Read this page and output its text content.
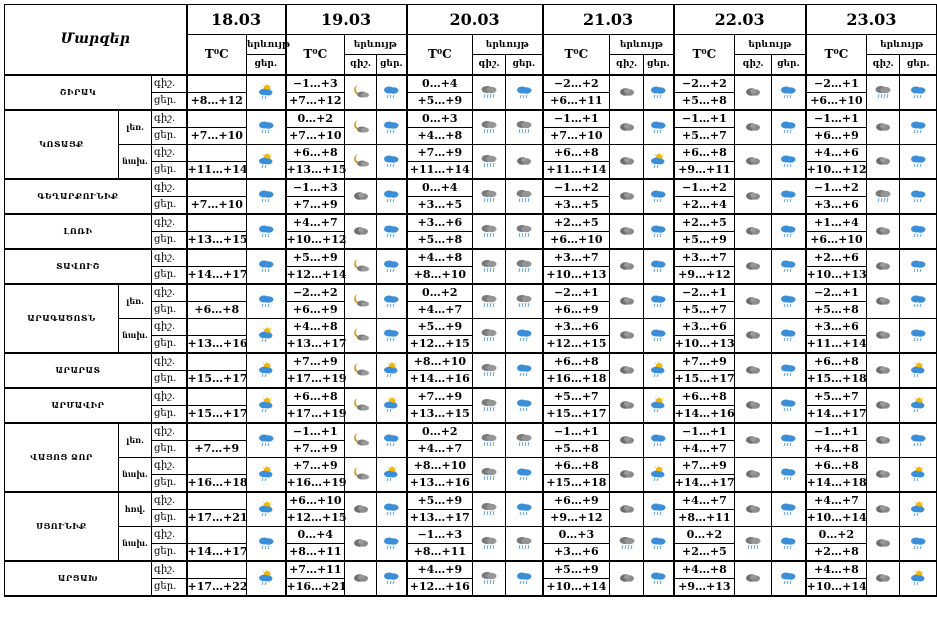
Մարզեր			18.03		19.03			20.03			21.03			22.03			23.03		
			T⁰C	երևույթ	T⁰C	երևույթ		T⁰C	երևույթ		T⁰C	երևույթ		T⁰C	երևույթ		T⁰C	երևույթ	
				ցեր.		գիշ.	ցեր.		գիշ.	ցեր.		գիշ.	ցեր.		գիշ.	ցեր.		գիշ.	ցեր.
ՇԻՐԱԿ		գիշ.			−1…+3			0…+4			−2…+2			−2…+2			−2…+1		
		ցեր.	+8…+12		+7…+12			+5…+9			+6…+11			+5…+8			+6…+10		
ԿՈՏԱՅՔ	լեռ.	գիշ.			0…+2			0…+3			−1…+1			−1…+1			−1…+1		
		ցեր.	+7…+10		+7…+10			+4…+8			+7…+10			+5…+7			+6…+9		
	նախ.	գիշ.			+6…+8			+7…+9			+6…+8			+6…+8			+4…+6		
		ցեր.	+11…+14		+13…+15			+11…+14			+11…+14			+9…+11			+10…+12		
ԳԵՂԱՐՔՈՒՆԻՔ		գիշ.			−1…+3			0…+4			−1…+2			−1…+2			−1…+2		
		ցեր.	+7…+10		+7…+9			+3…+5			+3…+5			+2…+4			+3…+6		
ԼՈՌԻ		գիշ.			+4…+7			+3…+6			+2…+5			+2…+5			+1…+4		
		ցեր.	+13…+15		+10…+12			+5…+8			+6…+10			+5…+9			+6…+10		
ՏԱՎՈՒՇ		գիշ.			+5…+9			+4…+8			+3…+7			+3…+7			+2…+6		
		ցեր.	+14…+17		+12…+14			+8…+10			+10…+13			+9…+12			+10…+13		
ԱՐԱԳԱԾՈՏՆ	լեռ.	գիշ.			−2…+2			0…+2			−2…+1			−2…+1			−2…+1		
		ցեր.	+6…+8		+6…+9			+4…+7			+6…+9			+5…+7			+5…+8		
	նախ.	գիշ.			+4…+8			+5…+9			+3…+6			+3…+6			+3…+6		
		ցեր.	+13…+16		+13…+17			+12…+15			+12…+15			+10…+13			+11…+14		
ԱՐԱՐԱՏ		գիշ.			+7…+9			+8…+10			+6…+8			+7…+9			+6…+8		
		ցեր.	+15…+17		+17…+19			+14…+16			+16…+18			+15…+17			+15…+18		
ԱՐՄԱՎԻՐ		գիշ.			+6…+8			+7…+9			+5…+7			+6…+8			+5…+7		
		ցեր.	+15…+17		+17…+19			+13…+15			+15…+17			+14…+16			+14…+17		
ՎԱՅՈՑ ՁՈՐ	լեռ.	գիշ.			−1…+1			0…+2			−1…+1			−1…+1			−1…+1		
		ցեր.	+7…+9		+7…+9			+4…+7			+5…+8			+4…+7			+4…+8		
	նախ.	գիշ.			+7…+9			+8…+10			+6…+8			+7…+9			+6…+8		
		ցեր.	+16…+18		+16…+19			+13…+16			+15…+18			+14…+17			+14…+18		
ՍՅՈՒՆԻՔ	հռվ.	գիշ.			+6…+10			+5…+9			+6…+9			+4…+7			+4…+7		
		ցեր.	+17…+21		+12…+15			+13…+17			+9…+12			+8…+11			+10…+14		
	նախ.	գիշ.			0…+4			−1…+3			0…+3			0…+2			0…+2		
		ցեր.	+14…+17		+8…+11			+8…+11			+3…+6			+2…+5			+2…+8		
ԱՐՑԱԽ		գիշ.			+7…+11			+4…+9			+5…+9			+4…+8			+4…+8		
		ցեր.	+17…+22		+16…+21			+12…+16			+10…+14			+9…+13			+10…+14		
